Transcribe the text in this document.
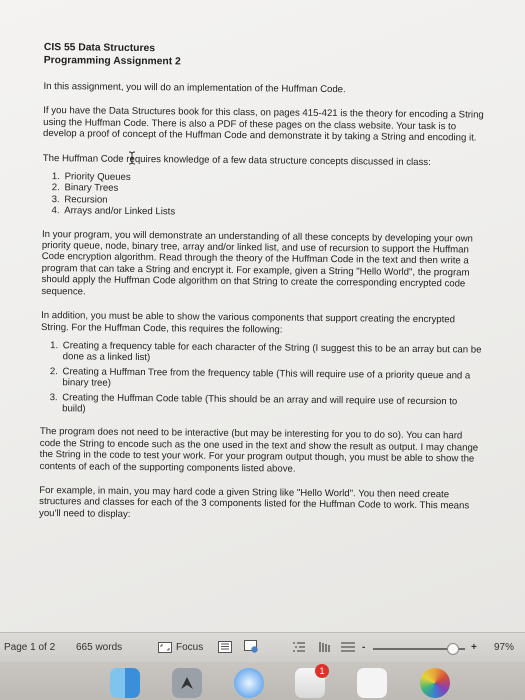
CIS 55 Data Structures
Programming Assignment 2

In this assignment, you will do an implementation of the Huffman Code.

If you have the Data Structures book for this class, on pages 415-421 is the theory for encoding a String using the Huffman Code. There is also a PDF of these pages on the class website. Your task is to develop a proof of concept of the Huffman Code and demonstrate it by taking a String and encoding it.

The Huffman Code requires knowledge of a few data structure concepts discussed in class:

1. Priority Queues
2. Binary Trees
3. Recursion
4. Arrays and/or Linked Lists

In your program, you will demonstrate an understanding of all these concepts by developing your own priority queue, node, binary tree, array and/or linked list, and use of recursion to support the Huffman Code encryption algorithm. Read through the theory of the Huffman Code in the text and then write a program that can take a String and encrypt it. For example, given a String "Hello World", the program should apply the Huffman Code algorithm on that String to create the corresponding encrypted code sequence.

In addition, you must be able to show the various components that support creating the encrypted String. For the Huffman Code, this requires the following:

1. Creating a frequency table for each character of the String (I suggest this to be an array but can be done as a linked list)
2. Creating a Huffman Tree from the frequency table (This will require use of a priority queue and a binary tree)
3. Creating the Huffman Code table (This should be an array and will require use of recursion to build)

The program does not need to be interactive (but may be interesting for you to do so). You can hard code the String to encode such as the one used in the text and show the result as output. I may change the String in the code to test your work. For your program output though, you must be able to show the contents of each of the supporting components listed above.

For example, in main, you may hard code a given String like "Hello World". You then need create structures and classes for each of the 3 components listed for the Huffman Code to work. This means you'll need to display:

Page 1 of 2 665 words	Focus	-	+ 97%
1
